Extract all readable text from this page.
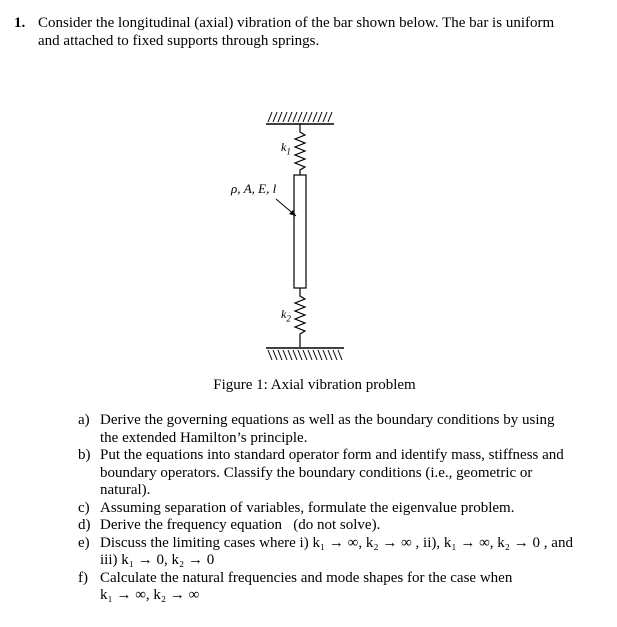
1. Consider the longitudinal (axial) vibration of the bar shown below. The bar is uniform
and attached to fixed supports through springs.
$k_1$
ρ, A, E, l
$k_2$
Figure 1: Axial vibration problem
a) Derive the governing equations as well as the boundary conditions by using
the extended Hamilton’s principle.
b) Put the equations into standard operator form and identify mass, stiffness and
boundary operators. Classify the boundary conditions (i.e., geometric or
natural).
c) Assuming separation of variables, formulate the eigenvalue problem.
d) Derive the frequency equation   (do not solve).
e) Discuss the limiting cases where i) k₁ → ∞, k₂ → ∞ , ii), k₁ → ∞, k₂ → 0 , and
iii) k₁ → 0, k₂ → 0
f) Calculate the natural frequencies and mode shapes for the case when
k₁ → ∞, k₂ → ∞
